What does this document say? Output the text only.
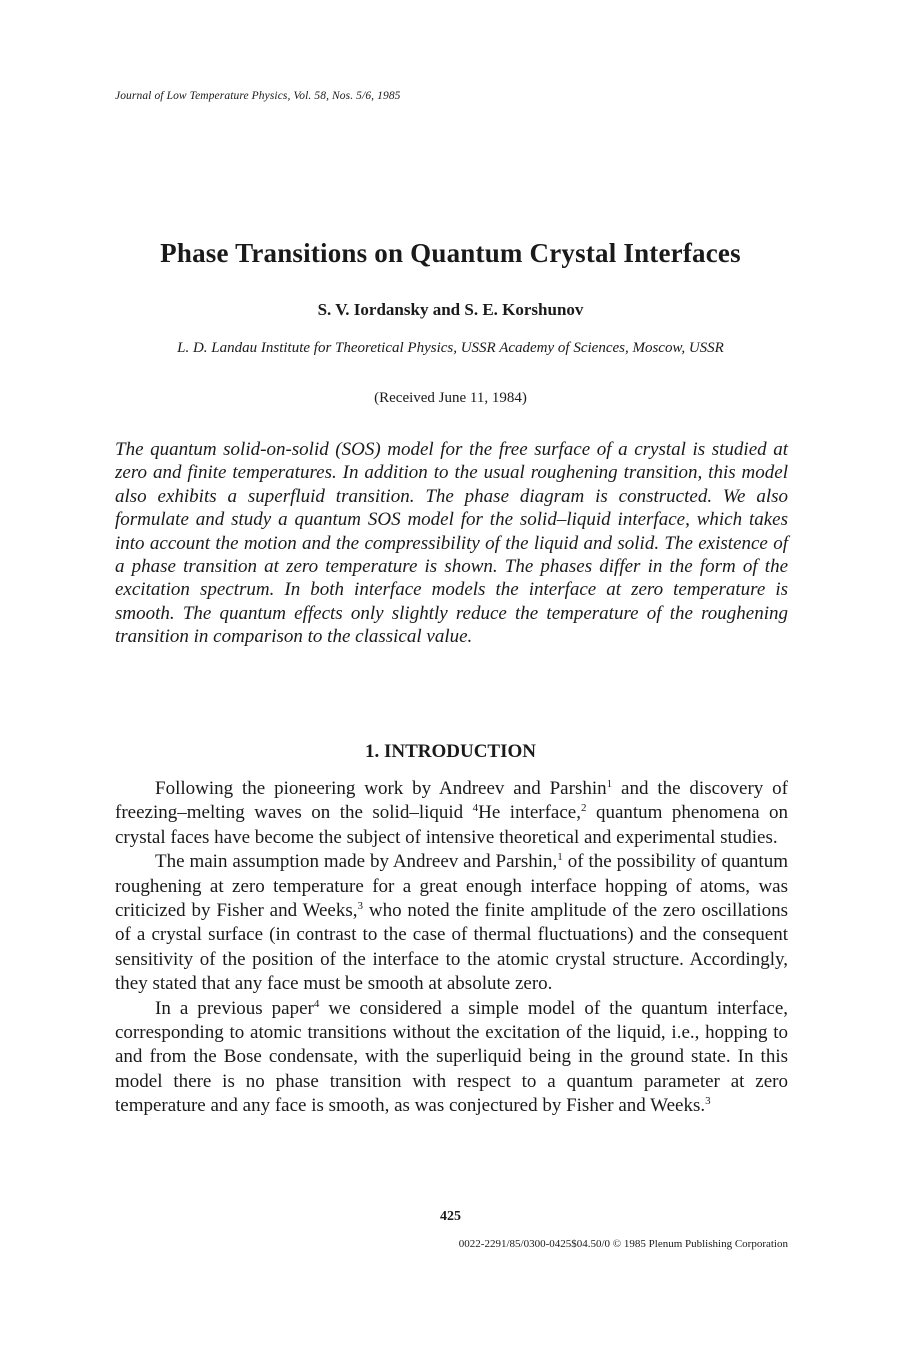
Journal of Low Temperature Physics, Vol. 58, Nos. 5/6, 1985
Phase Transitions on Quantum Crystal Interfaces
S. V. Iordansky and S. E. Korshunov
L. D. Landau Institute for Theoretical Physics, USSR Academy of Sciences, Moscow, USSR
(Received June 11, 1984)

The quantum solid-on-solid (SOS) model for the free surface of a crystal is studied at zero and finite temperatures. In addition to the usual roughening transition, this model also exhibits a superfluid transition. The phase diagram is constructed. We also formulate and study a quantum SOS model for the solid–liquid interface, which takes into account the motion and the compressibility of the liquid and solid. The existence of a phase transition at zero temperature is shown. The phases differ in the form of the excitation spectrum. In both interface models the interface at zero temperature is smooth. The quantum effects only slightly reduce the temperature of the roughening transition in comparison to the classical value.

1. INTRODUCTION

Following the pioneering work by Andreev and Parshin$^1$ and the discovery of freezing–melting waves on the solid–liquid $^4$He interface,$^2$ quantum phenomena on crystal faces have become the subject of intensive theoretical and experimental studies.

The main assumption made by Andreev and Parshin,$^1$ of the possibility of quantum roughening at zero temperature for a great enough interface hopping of atoms, was criticized by Fisher and Weeks,$^3$ who noted the finite amplitude of the zero oscillations of a crystal surface (in contrast to the case of thermal fluctuations) and the consequent sensitivity of the position of the interface to the atomic crystal structure. Accordingly, they stated that any face must be smooth at absolute zero.

In a previous paper$^4$ we considered a simple model of the quantum interface, corresponding to atomic transitions without the excitation of the liquid, i.e., hopping to and from the Bose condensate, with the superliquid being in the ground state. In this model there is no phase transition with respect to a quantum parameter at zero temperature and any face is smooth, as was conjectured by Fisher and Weeks.$^3$

425
0022-2291/85/0300-0425$04.50/0 © 1985 Plenum Publishing Corporation
